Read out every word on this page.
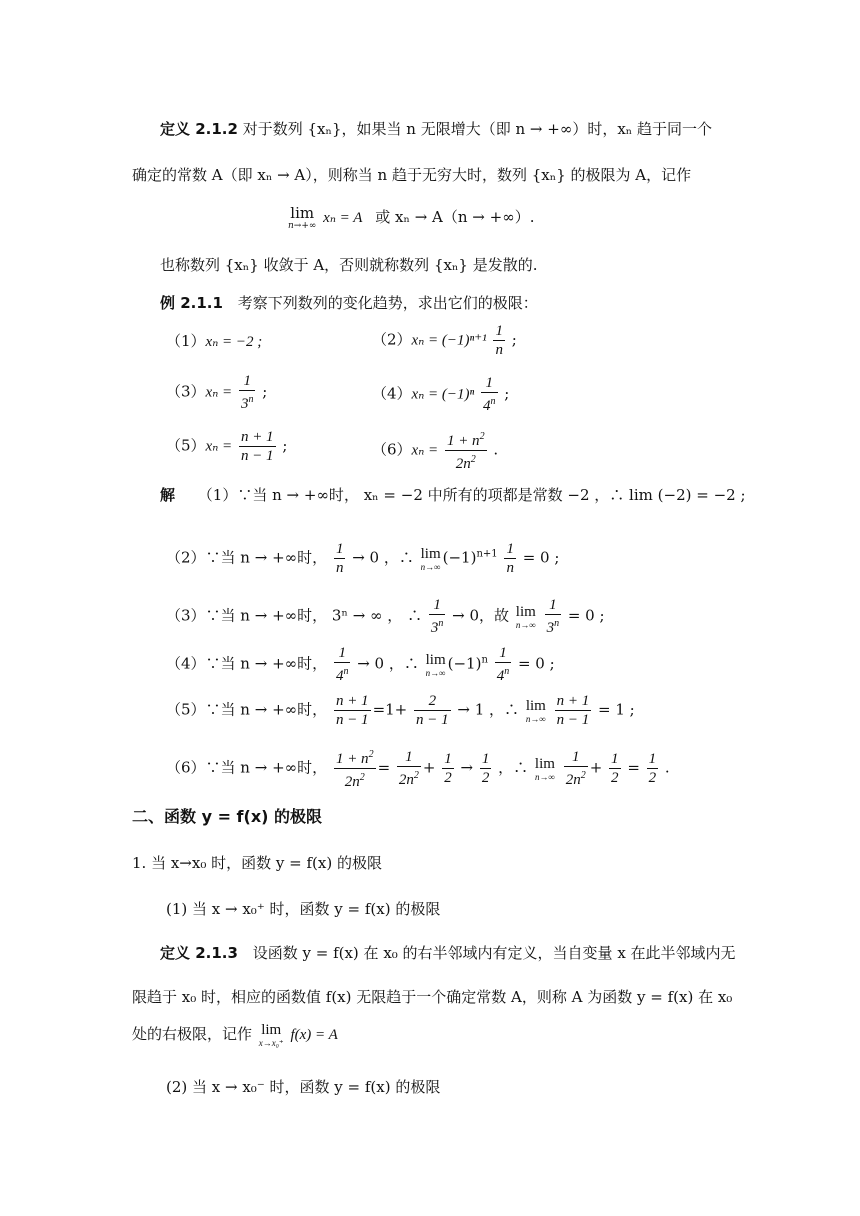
定义 2.1.2 对于数列 {xₙ}，如果当 n 无限增大（即 n → +∞）时，xₙ 趋于同一个
确定的常数 A（即 xₙ → A），则称当 n 趋于无穷大时，数列 {xₙ} 的极限为 A，记作
lim
n→+∞ xₙ = A 或 xₙ → A（n → +∞）.
也称数列 {xₙ} 收敛于 A，否则就称数列 {xₙ} 是发散的.
例 2.1.1 考察下列数列的变化趋势，求出它们的极限：
（1）xₙ = −2 ;	$(2)x_n = (-1)^{n+1} \frac{1}{n}$ ;
$(3)x_n = \frac{1}{3^n}$ ;	$(4)x_n = (-1)^n \frac{1}{4^n}$ ;
$(5)x_n = \frac{n + 1}{n - 1}$ ;	$(6)x_n = \frac{1 + n^2}{2n^2}$ .
解 （1）∵当 n → +∞时， xₙ = −2 中所有的项都是常数 −2 ，∴ lim (−2) = −2 ;
（2）∵当 n → +∞时， $\frac{1}{n} \to 0$ ，∴ lim
n→∞ $(-1)^{n+1} \frac{1}{n} = 0$ ;
（3）∵当 n → +∞时， 3ⁿ → ∞ ， ∴ $\frac{1}{3^n} \to 0$，故 lim
n→∞
$\frac{1}{3^n} = 0$ ;
（4）∵当 n → +∞时， $\frac{1}{4^n} \to 0$ ，∴ lim
n→∞ $(-1)^n \frac{1}{4^n} = 0$ ;
（5）∵当 n → +∞时， $\frac{n + 1}{n - 1} =1+ \frac{2}{n - 1} \to 1$ ，∴ lim
n→∞
$\frac{n + 1}{n - 1} = 1$ ;
（6）∵当 n → +∞时， $\frac{1 + n^2}{2n^2} = \frac{1}{2n^2} + \frac{1}{2} \to \frac{1}{2}$ ，∴ lim
n→∞
$\frac{1}{2n^2} + \frac{1}{2} = \frac{1}{2}$ .
二、函数 y = f(x) 的极限
1. 当 x→x₀ 时，函数 y = f(x) 的极限
(1) 当 x → x₀⁺ 时，函数 y = f(x) 的极限
定义 2.1.3 设函数 y = f(x) 在 x₀ 的右半邻域内有定义，当自变量 x 在此半邻域内无
限趋于 x₀ 时，相应的函数值 f(x) 无限趋于一个确定常数 A，则称 A 为函数 y = f(x) 在 x₀
处的右极限，记作 lim
x→x₀⁺ f(x) = A
(2) 当 x → x₀⁻ 时，函数 y = f(x) 的极限
